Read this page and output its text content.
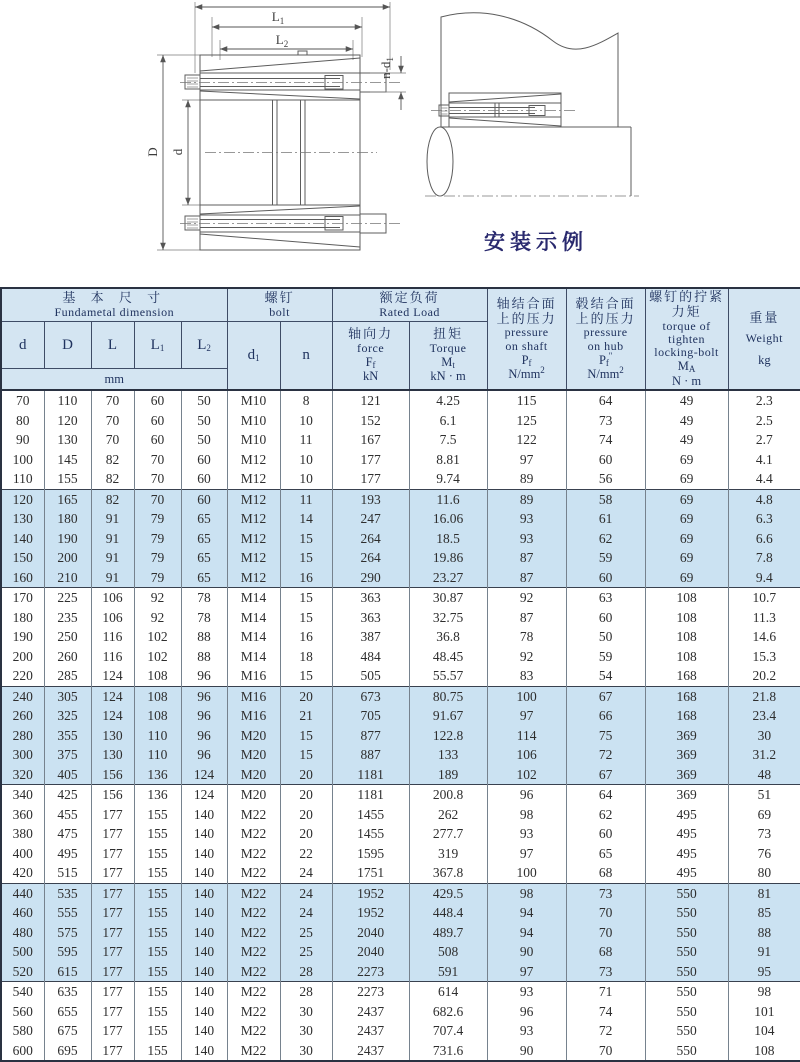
$L_1$
$L_2$
D d
$n-d_1$
安装示例
基 本 尺 寸
Fundametal dimension

螺钉
bolt

额定负荷
Rated Load

轴结合面
上的压力
pressure
on shaft
$P_f$
$N/mm^2$

毂结合面
上的压力
pressure
on hub
$P_f''$
$N/mm^2$

螺钉的拧紧
力矩
torque of
tighten
locking-bolt
$M_A$
N · m

重量
Weight
kg

d	D	L	$L_1$	$L_2$	$d_1$	n	
轴向力
force
$F_f$
kN

扭矩
Torque
$M_t$
kN · m

mm												
70	110	70	60	50	M10	8	121	4.25	115	64	49	2.3
80	120	70	60	50	M10	10	152	6.1	125	73	49	2.5
90	130	70	60	50	M10	11	167	7.5	122	74	49	2.7
100	145	82	70	60	M12	10	177	8.81	97	60	69	4.1
110	155	82	70	60	M12	10	177	9.74	89	56	69	4.4
120	165	82	70	60	M12	11	193	11.6	89	58	69	4.8
130	180	91	79	65	M12	14	247	16.06	93	61	69	6.3
140	190	91	79	65	M12	15	264	18.5	93	62	69	6.6
150	200	91	79	65	M12	15	264	19.86	87	59	69	7.8
160	210	91	79	65	M12	16	290	23.27	87	60	69	9.4
170	225	106	92	78	M14	15	363	30.87	92	63	108	10.7
180	235	106	92	78	M14	15	363	32.75	87	60	108	11.3
190	250	116	102	88	M14	16	387	36.8	78	50	108	14.6
200	260	116	102	88	M14	18	484	48.45	92	59	108	15.3
220	285	124	108	96	M16	15	505	55.57	83	54	168	20.2
240	305	124	108	96	M16	20	673	80.75	100	67	168	21.8
260	325	124	108	96	M16	21	705	91.67	97	66	168	23.4
280	355	130	110	96	M20	15	877	122.8	114	75	369	30
300	375	130	110	96	M20	15	887	133	106	72	369	31.2
320	405	156	136	124	M20	20	1181	189	102	67	369	48
340	425	156	136	124	M20	20	1181	200.8	96	64	369	51
360	455	177	155	140	M22	20	1455	262	98	62	495	69
380	475	177	155	140	M22	20	1455	277.7	93	60	495	73
400	495	177	155	140	M22	22	1595	319	97	65	495	76
420	515	177	155	140	M22	24	1751	367.8	100	68	495	80
440	535	177	155	140	M22	24	1952	429.5	98	73	550	81
460	555	177	155	140	M22	24	1952	448.4	94	70	550	85
480	575	177	155	140	M22	25	2040	489.7	94	70	550	88
500	595	177	155	140	M22	25	2040	508	90	68	550	91
520	615	177	155	140	M22	28	2273	591	97	73	550	95
540	635	177	155	140	M22	28	2273	614	93	71	550	98
560	655	177	155	140	M22	30	2437	682.6	96	74	550	101
580	675	177	155	140	M22	30	2437	707.4	93	72	550	104
600	695	177	155	140	M22	30	2437	731.6	90	70	550	108
